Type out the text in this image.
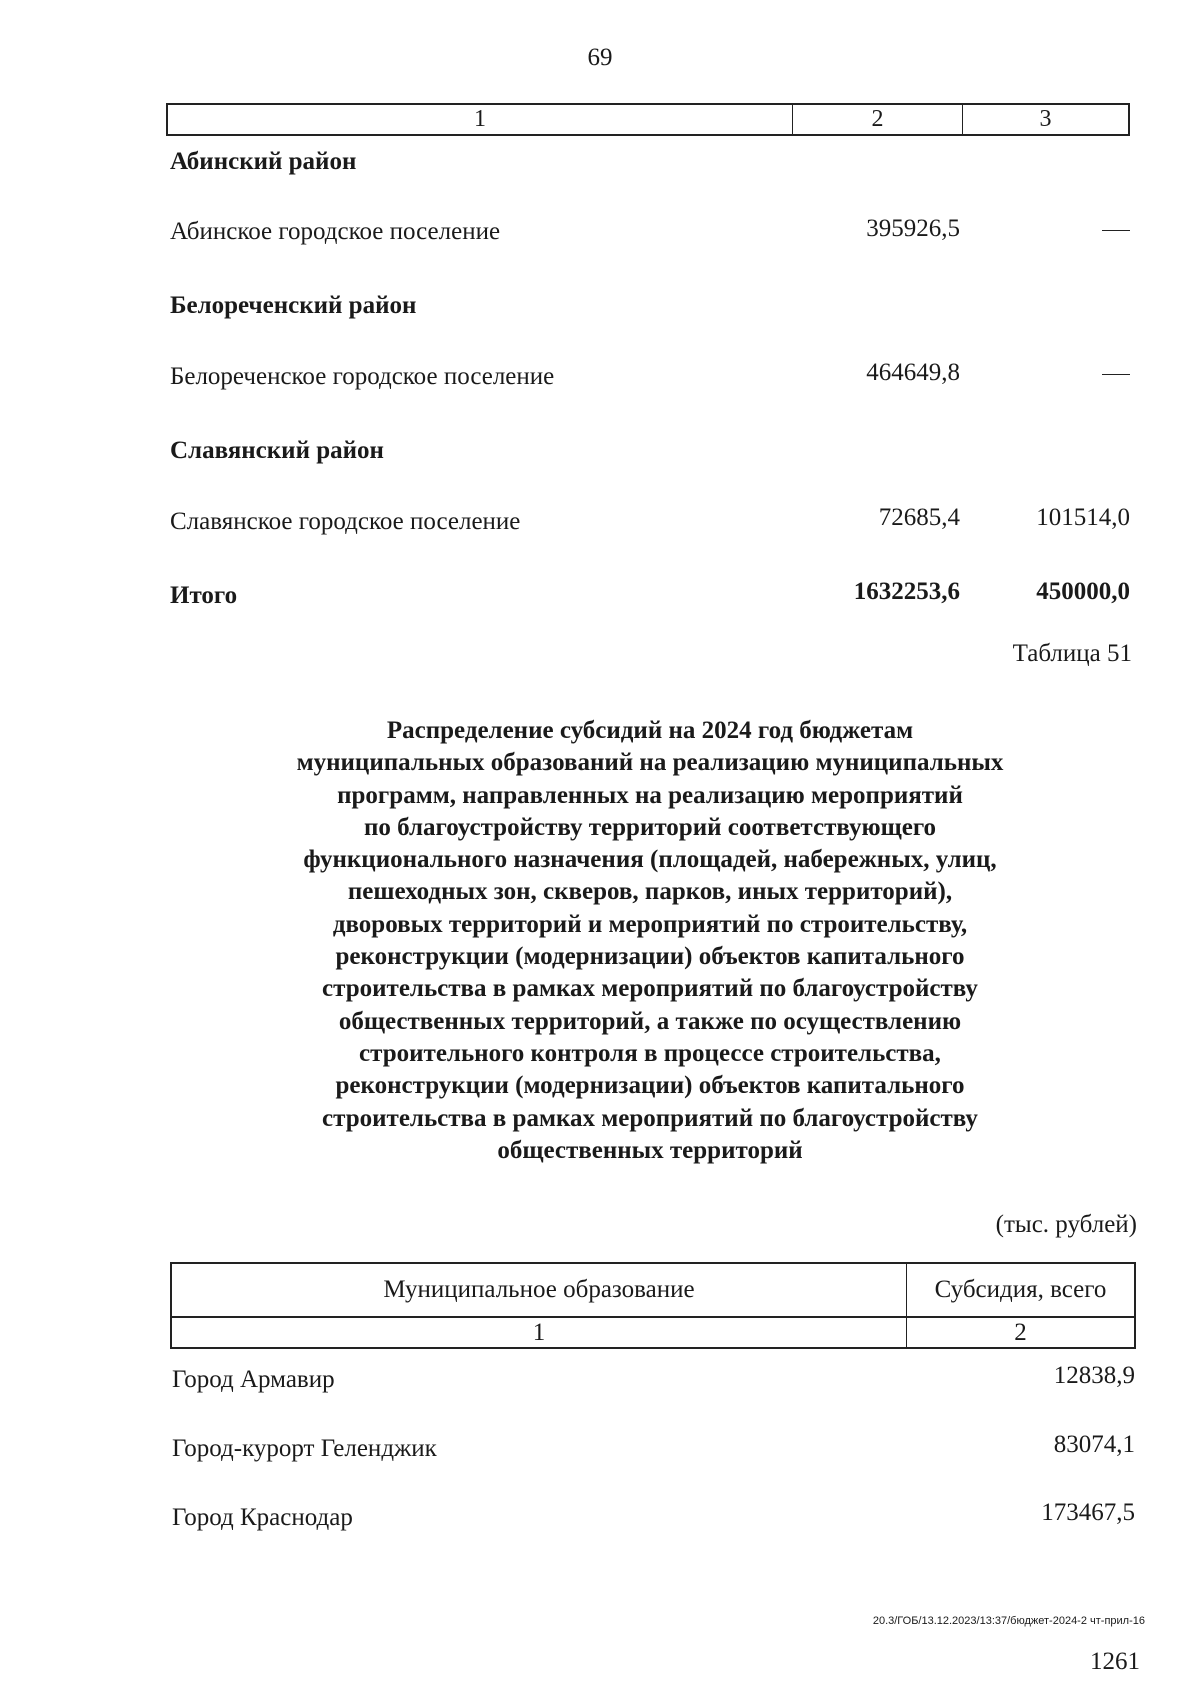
69
1	2	3
Абинский район
Абинское городское поселение	395926,5
Белореченский район
Белореченское городское поселение	464649,8
Славянский район
Славянское городское поселение	72685,4	101514,0
Итого	1632253,6	450000,0
Таблица 51
Распределение субсидий на 2024 год бюджетам
муниципальных образований на реализацию муниципальных
программ, направленных на реализацию мероприятий
по благоустройству территорий соответствующего
функционального назначения (площадей, набережных, улиц,
пешеходных зон, скверов, парков, иных территорий),
дворовых территорий и мероприятий по строительству,
реконструкции (модернизации) объектов капитального
строительства в рамках мероприятий по благоустройству
общественных территорий, а также по осуществлению
строительного контроля в процессе строительства,
реконструкции (модернизации) объектов капитального
строительства в рамках мероприятий по благоустройству
общественных территорий
(тыс. рублей)
Муниципальное образование	Субсидия, всего
1	2
Город Армавир	12838,9
Город-курорт Геленджик	83074,1
Город Краснодар	173467,5
20.3/ГОБ/13.12.2023/13:37/бюджет-2024-2 чт-прил-16
1261
